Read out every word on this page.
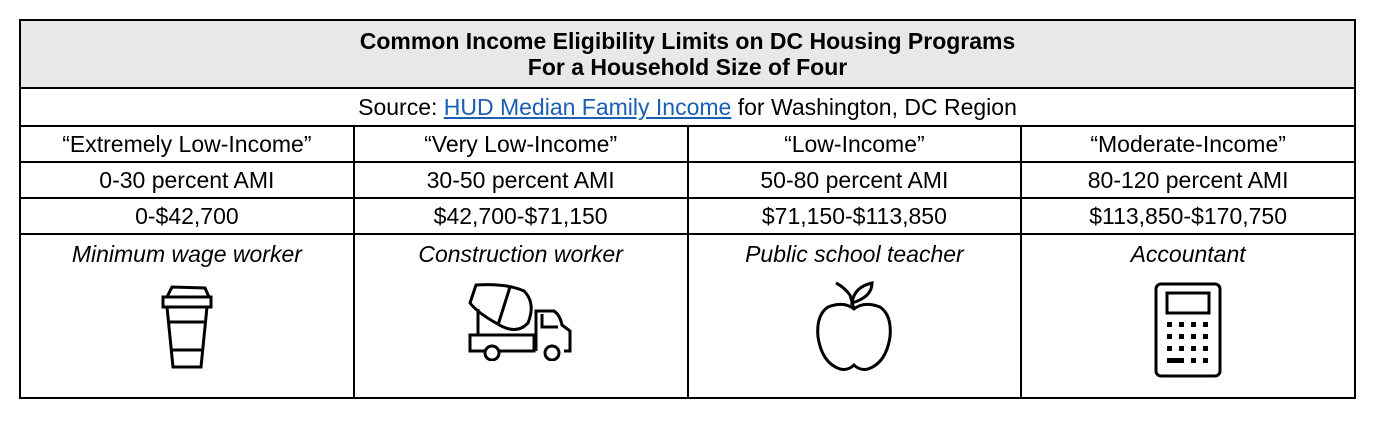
Common Income Eligibility Limits on DC Housing Programs
For a Household Size of Four			

Source: HUD Median Family Income for Washington, DC Region			
“Extremely Low-Income”	“Very Low-Income”	“Low-Income”	“Moderate-Income”
0-30 percent AMI	30-50 percent AMI	50-80 percent AMI	80-120 percent AMI
0-$42,700	$42,700-$71,150	$71,150-$113,850	$113,850-$170,750

Minimum wage worker	Construction worker	Public school teacher	Accountant
